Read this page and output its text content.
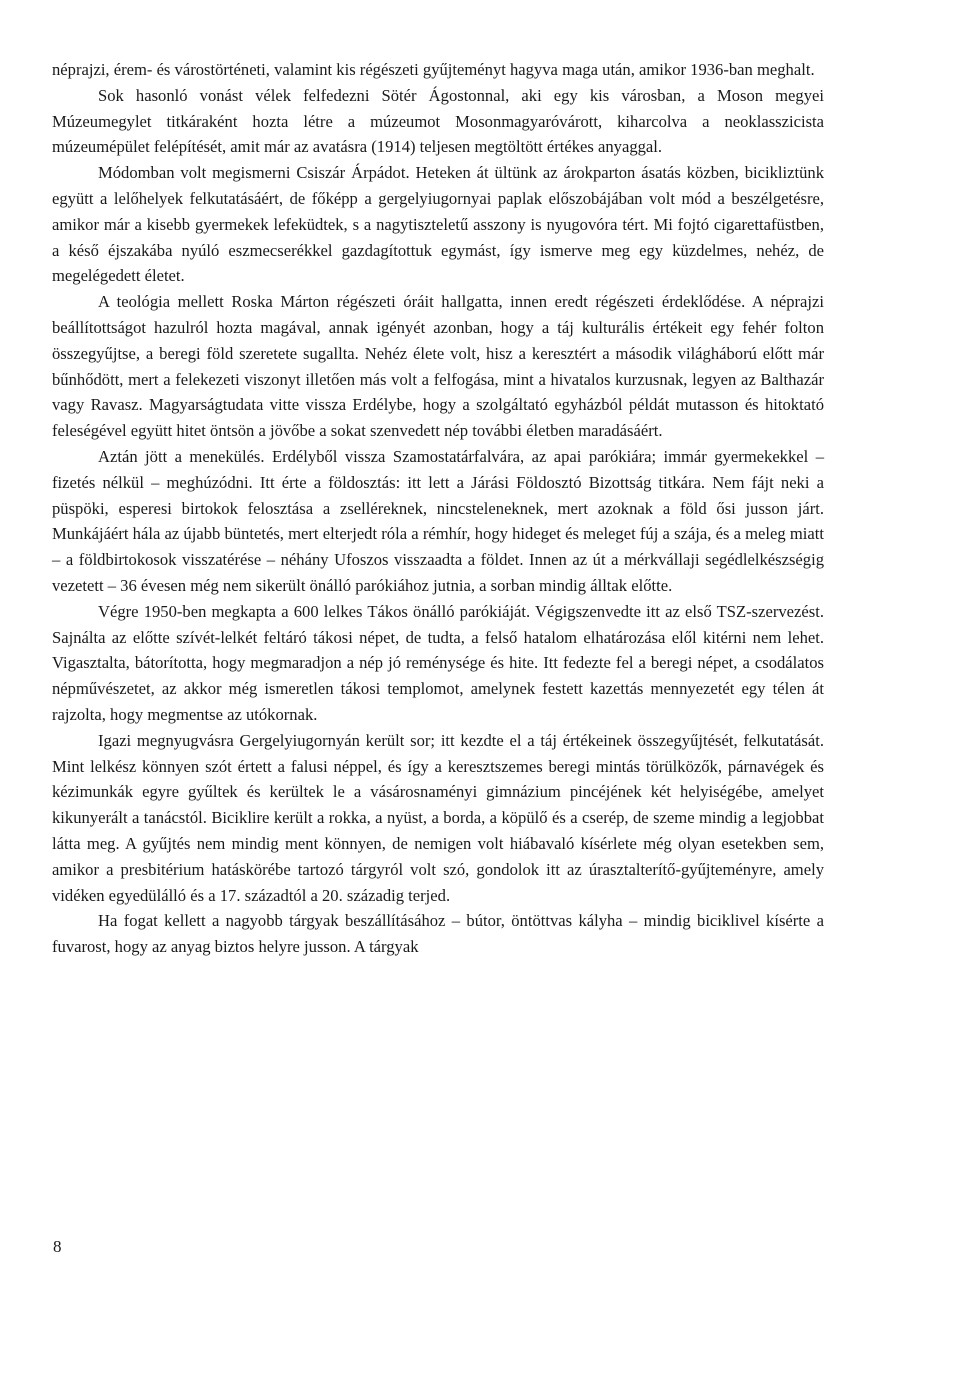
néprajzi, érem- és várostörténeti, valamint kis régészeti gyűjteményt hagyva maga után, amikor 1936-ban meghalt.

Sok hasonló vonást vélek felfedezni Sötér Ágostonnal, aki egy kis városban, a Moson megyei Múzeumegylet titkáraként hozta létre a múzeumot Mosonmagyaróvárott, kiharcolva a neoklasszicista múzeumépület felépítését, amit már az avatásra (1914) teljesen megtöltött értékes anyaggal.

Módomban volt megismerni Csiszár Árpádot. Heteken át ültünk az árokparton ásatás közben, bicikliztünk együtt a lelőhelyek felkutatásáért, de főképp a gergelyiugornyai paplak előszobájában volt mód a beszélgetésre, amikor már a kisebb gyermekek lefeküdtek, s a nagytiszteletű asszony is nyugovóra tért. Mi fojtó cigarettafüstben, a késő éjszakába nyúló eszmecserékkel gazdagítottuk egymást, így ismerve meg egy küzdelmes, nehéz, de megelégedett életet.

A teológia mellett Roska Márton régészeti óráit hallgatta, innen eredt régészeti érdeklődése. A néprajzi beállítottságot hazulról hozta magával, annak igényét azonban, hogy a táj kulturális értékeit egy fehér folton összegyűjtse, a beregi föld szeretete sugallta. Nehéz élete volt, hisz a keresztért a második világháború előtt már bűnhődött, mert a felekezeti viszonyt illetően más volt a felfogása, mint a hivatalos kurzusnak, legyen az Balthazár vagy Ravasz. Magyarságtudata vitte vissza Erdélybe, hogy a szolgáltató egyházból példát mutasson és hitoktató feleségével együtt hitet öntsön a jövőbe a sokat szenvedett nép további életben maradásáért.

Aztán jött a menekülés. Erdélyből vissza Szamostatárfalvára, az apai parókiára; immár gyermekekkel – fizetés nélkül – meghúzódni. Itt érte a földosztás: itt lett a Járási Földosztó Bizottság titkára. Nem fájt neki a püspöki, esperesi birtokok felosztása a zselléreknek, nincsteleneknek, mert azoknak a föld ősi jusson járt. Munkájáért hála az újabb büntetés, mert elterjedt róla a rémhír, hogy hideget és meleget fúj a szája, és a meleg miatt – a földbirtokosok visszatérése – néhány Ufoszos visszaadta a földet. Innen az út a mérkvállaji segédlelkészségig vezetett – 36 évesen még nem sikerült önálló parókiához jutnia, a sorban mindig álltak előtte.

Végre 1950-ben megkapta a 600 lelkes Tákos önálló parókiáját. Végigszenvedte itt az első TSZ-szervezést. Sajnálta az előtte szívét-lelkét feltáró tákosi népet, de tudta, a felső hatalom elhatározása elől kitérni nem lehet. Vigasztalta, bátorította, hogy megmaradjon a nép jó reménysége és hite. Itt fedezte fel a beregi népet, a csodálatos népművészetet, az akkor még ismeretlen tákosi templomot, amelynek festett kazettás mennyezetét egy télen át rajzolta, hogy megmentse az utókornak.

Igazi megnyugvásra Gergelyiugornyán került sor; itt kezdte el a táj értékeinek összegyűjtését, felkutatását. Mint lelkész könnyen szót értett a falusi néppel, és így a keresztszemes beregi mintás törülközők, párnavégek és kézimunkák egyre gyűltek és kerültek le a vásárosnaményi gimnázium pincéjének két helyiségébe, amelyet kikunyerált a tanácstól. Biciklire került a rokka, a nyüst, a borda, a köpülő és a cserép, de szeme mindig a legjobbat látta meg. A gyűjtés nem mindig ment könnyen, de nemigen volt hiábavaló kísérlete még olyan esetekben sem, amikor a presbitérium hatáskörébe tartozó tárgyról volt szó, gondolok itt az úrasztalterítő-gyűjteményre, amely vidéken egyedülálló és a 17. századtól a 20. századig terjed.

Ha fogat kellett a nagyobb tárgyak beszállításához – bútor, öntöttvas kályha – mindig biciklivel kísérte a fuvarost, hogy az anyag biztos helyre jusson. A tárgyak

8
